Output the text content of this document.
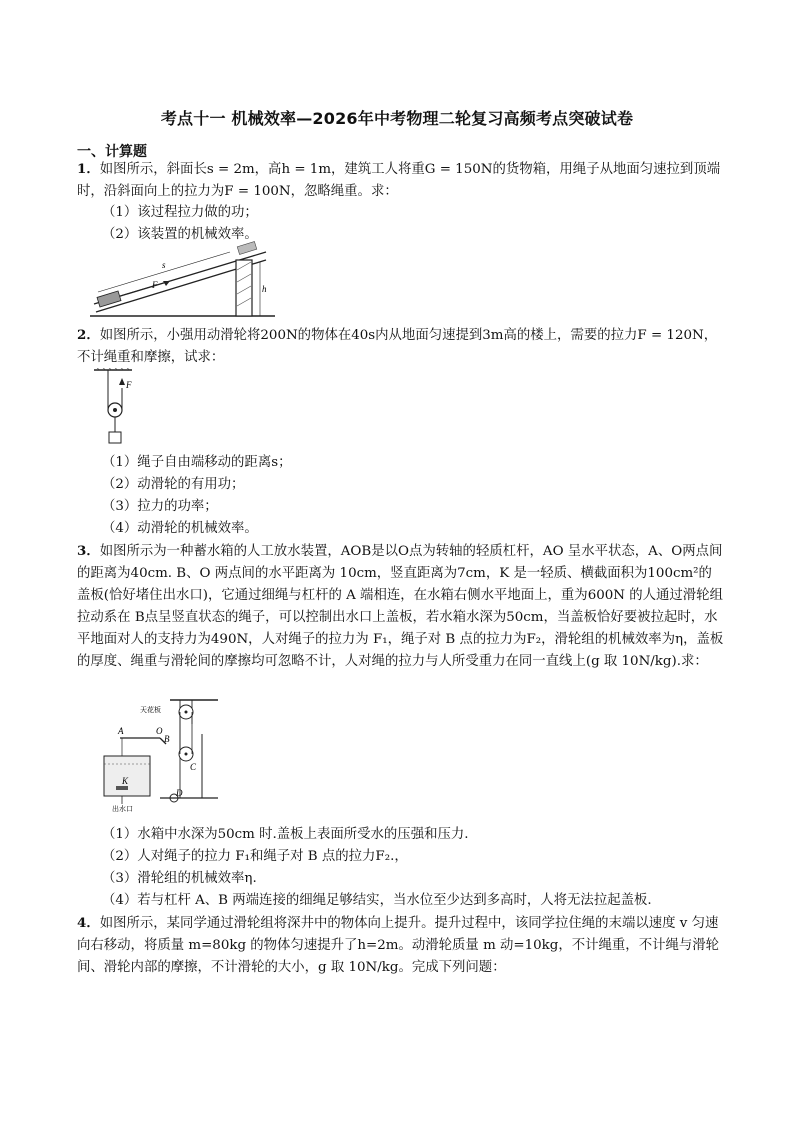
考点十一 机械效率—2026年中考物理二轮复习高频考点突破试卷
一、计算题

1．如图所示，斜面长s = 2m，高h = 1m，建筑工人将重G = 150N的货物箱，用绳子从地面匀速拉到顶端时，沿斜面向上的拉力为F = 100N，忽略绳重。求：

（1）该过程拉力做的功；

（2）该装置的机械效率。

F
s
h

2．如图所示，小强用动滑轮将200N的物体在40s内从地面匀速提到3m高的楼上，需要的拉力F = 120N，不计绳重和摩擦，试求：

F

（1）绳子自由端移动的距离s；

（2）动滑轮的有用功；

（3）拉力的功率；

（4）动滑轮的机械效率。

3．如图所示为一种蓄水箱的人工放水装置，AOB是以O点为转轴的轻质杠杆，AO 呈水平状态，A、O两点间的距离为40cm. B、O 两点间的水平距离为 10cm，竖直距离为7cm，K 是一轻质、横截面积为100cm²的盖板(恰好堵住出水口)，它通过细绳与杠杆的 A 端相连，在水箱右侧水平地面上，重为600N 的人通过滑轮组拉动系在 B点呈竖直状态的绳子，可以控制出水口上盖板，若水箱水深为50cm，当盖板恰好要被拉起时，水平地面对人的支持力为490N，人对绳子的拉力为 F₁，绳子对 B 点的拉力为F₂，滑轮组的机械效率为η，盖板的厚度、绳重与滑轮间的摩擦均可忽略不计，人对绳的拉力与人所受重力在同一直线上(g 取 10N/kg).求：

天花板
C
D
A	O
B
K
出水口

（1）水箱中水深为50cm 时.盖板上表面所受水的压强和压力.

（2）人对绳子的拉力 F₁和绳子对 B 点的拉力F₂.，

（3）滑轮组的机械效率η.

（4）若与杠杆 A、B 两端连接的细绳足够结实，当水位至少达到多高时，人将无法拉起盖板.

4．如图所示，某同学通过滑轮组将深井中的物体向上提升。提升过程中，该同学拉住绳的末端以速度 v 匀速向右移动，将质量 m=80kg 的物体匀速提升了h=2m。动滑轮质量 m 动=10kg，不计绳重，不计绳与滑轮间、滑轮内部的摩擦，不计滑轮的大小，g 取 10N/kg。完成下列问题：
